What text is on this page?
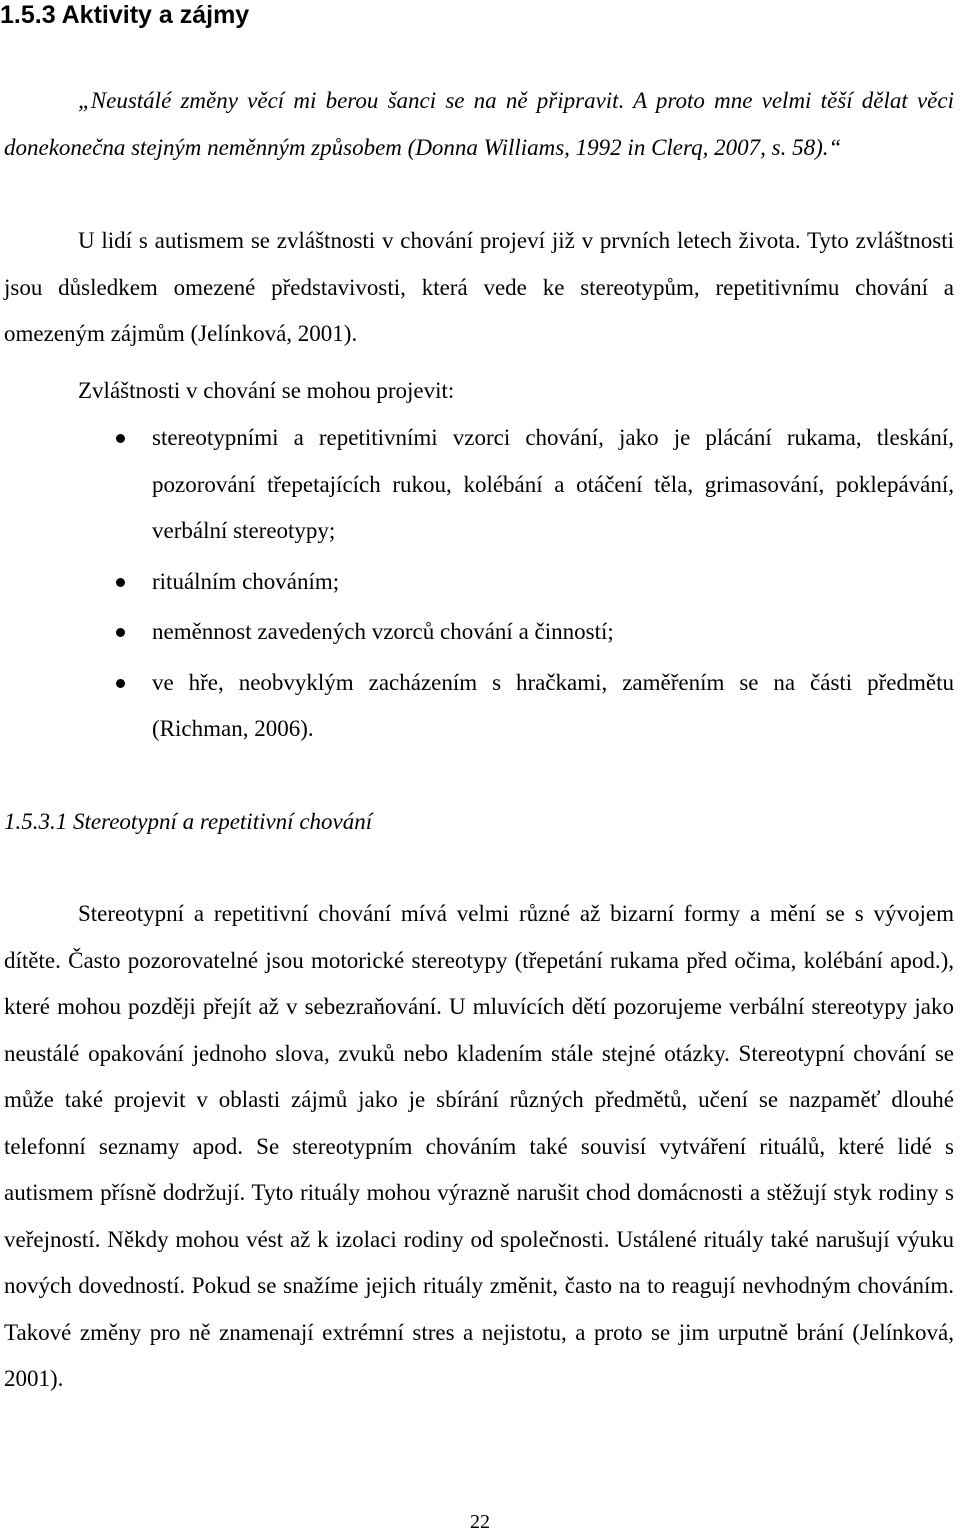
1.5.3 Aktivity a zájmy

„Neustálé změny věcí mi berou šanci se na ně připravit. A proto mne velmi těší dělat věci donekonečna stejným neměnným způsobem (Donna Williams, 1992 in Clerq, 2007, s. 58).“

U lidí s autismem se zvláštnosti v chování projeví již v prvních letech života. Tyto zvláštnosti jsou důsledkem omezené představivosti, která vede ke stereotypům, repetitivnímu chování a omezeným zájmům (Jelínková, 2001).

Zvláštnosti v chování se mohou projevit:

stereotypními a repetitivními vzorci chování, jako je plácání rukama, tleskání, pozorování třepetajících rukou, kolébání a otáčení těla, grimasování, poklepávání, verbální stereotypy;
rituálním chováním;
neměnnost zavedených vzorců chování a činností;
ve hře, neobvyklým zacházením s hračkami, zaměřením se na části předmětu (Richman, 2006).
1.5.3.1 Stereotypní a repetitivní chování

Stereotypní a repetitivní chování mívá velmi různé až bizarní formy a mění se s vývojem dítěte. Často pozorovatelné jsou motorické stereotypy (třepetání rukama před očima, kolébání apod.), které mohou později přejít až v sebezraňování. U mluvících dětí pozorujeme verbální stereotypy jako neustálé opakování jednoho slova, zvuků nebo kladením stále stejné otázky. Stereotypní chování se může také projevit v oblasti zájmů jako je sbírání různých předmětů, učení se nazpaměť dlouhé telefonní seznamy apod. Se stereotypním chováním také souvisí vytváření rituálů, které lidé s autismem přísně dodržují. Tyto rituály mohou výrazně narušit chod domácnosti a stěžují styk rodiny s veřejností. Někdy mohou vést až k izolaci rodiny od společnosti. Ustálené rituály také narušují výuku nových dovedností. Pokud se snažíme jejich rituály změnit, často na to reagují nevhodným chováním. Takové změny pro ně znamenají extrémní stres a nejistotu, a proto se jim urputně brání (Jelínková, 2001).

22
